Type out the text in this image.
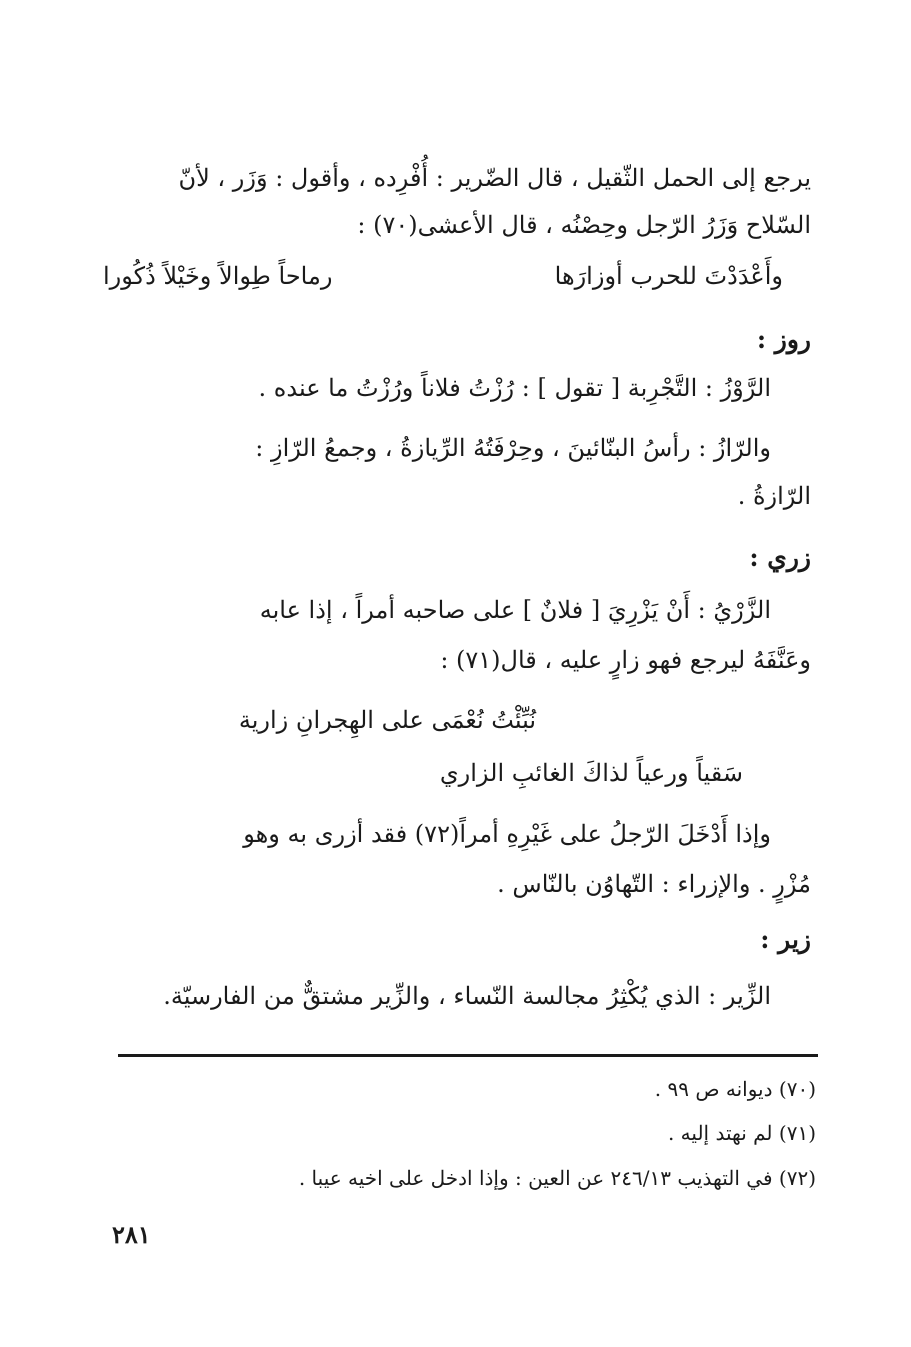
يرجع إلى الحمل الثّقيل ، قال الضّرير : أُفْرِده ، وأقول : وَزَر ، لأنّ
السّلاح وَزَرُ الرّجل وحِصْنُه ، قال الأعشى(٧٠) :
وأَعْدَدْتَ للحرب أوزارَها
رماحاً طِوالاً وخَيْلاً ذُكُورا
روز :
الرَّوْزُ : التَّجْرِبة [ تقول ] : رُزْتُ فلاناً ورُزْتُ ما عنده .
والرّازُ : رأسُ البنّائينَ ، وحِرْفَتُهُ الرِّيازةُ ، وجمعُ الرّازِ :
الرّازةُ .
زري :
الزَّرْيُ : أَنْ يَزْرِيَ [ فلانٌ ] على صاحبه أمراً ، إذا عابه
وعَنَّفَهُ ليرجع فهو زارٍ عليه ، قال(٧١) :
نُبِّئْتُ نُعْمَى على الهِجرانِ زارية
سَقياً ورعياً لذاكَ الغائبِ الزاري
وإذا أَدْخَلَ الرّجلُ على غَيْرِهِ أمراً(٧٢) فقد أزرى به وهو
مُزْرٍ . والإزراء : التّهاوُن بالنّاس .
زير :
الزِّير : الذي يُكْثِرُ مجالسة النّساء ، والزِّير مشتقٌّ من الفارسيّة.
(٧٠) ديوانه ص ٩٩ .
(٧١) لم نهتد إليه .
(٧٢) في التهذيب ٢٤٦/١٣ عن العين : وإذا ادخل على اخيه عيبا .
٢٨١
